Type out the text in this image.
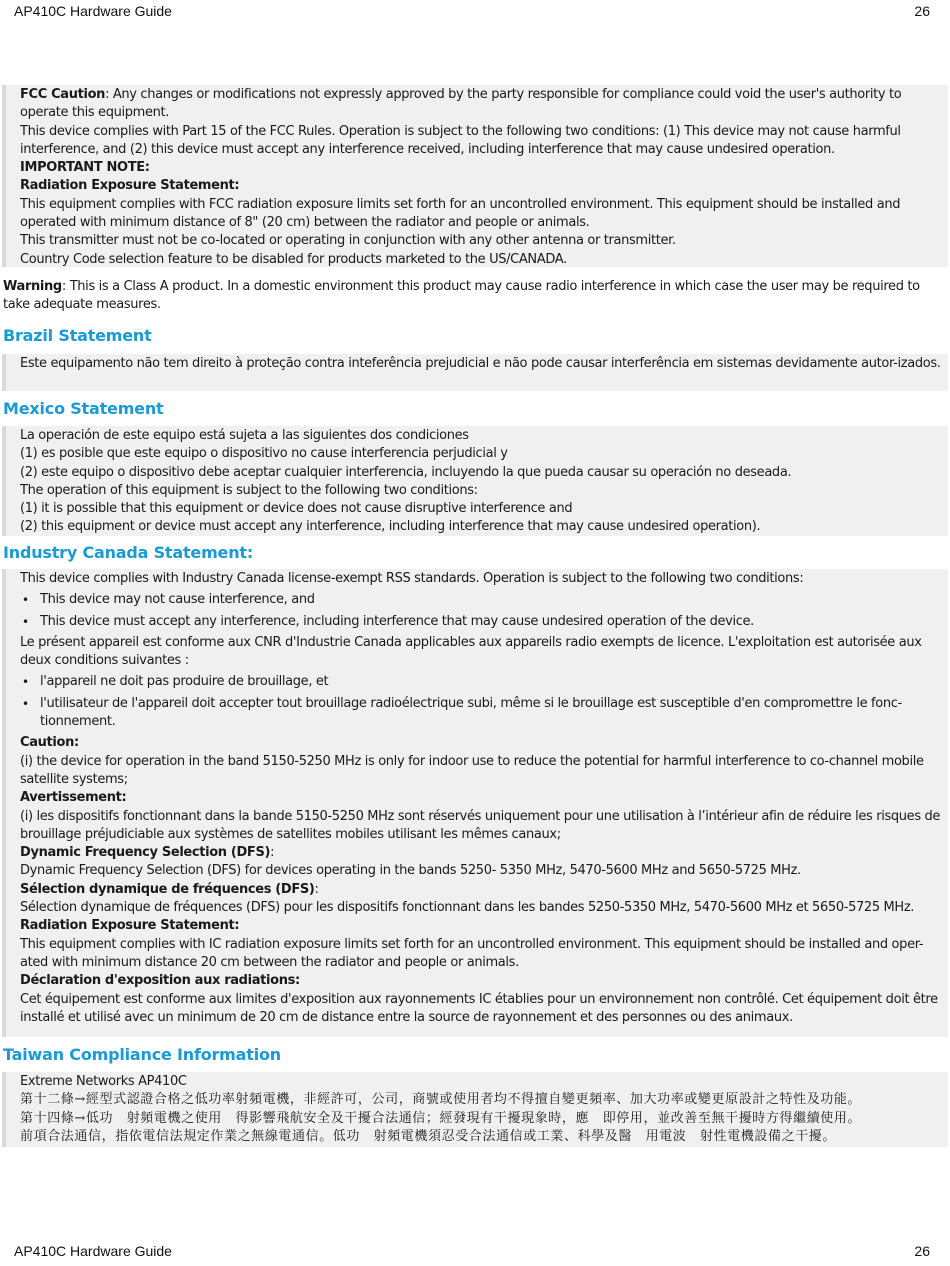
AP410C Hardware Guide	26

FCC Caution: Any changes or modifications not expressly approved by the party responsible for compliance could void the user's authority to operate this equipment.

This device complies with Part 15 of the FCC Rules. Operation is subject to the following two conditions: (1) This device may not cause harmful interference, and (2) this device must accept any interference received, including interference that may cause undesired operation.

IMPORTANT NOTE:

Radiation Exposure Statement:

This equipment complies with FCC radiation exposure limits set forth for an uncontrolled environment. This equipment should be installed and operated with minimum distance of 8" (20 cm) between the radiator and people or animals.

This transmitter must not be co-located or operating in conjunction with any other antenna or transmitter.

Country Code selection feature to be disabled for products marketed to the US/CANADA.

Warning: This is a Class A product. In a domestic environment this product may cause radio interference in which case the user may be required to take adequate measures.

Brazil Statement

Este equipamento não tem direito à proteção contra inteferência prejudicial e não pode causar interferência em sistemas devidamente autor-izados.

Mexico Statement

La operación de este equipo está sujeta a las siguientes dos condiciones

(1) es posible que este equipo o dispositivo no cause interferencia perjudicial y

(2) este equipo o dispositivo debe aceptar cualquier interferencia, incluyendo la que pueda causar su operación no deseada.

The operation of this equipment is subject to the following two conditions:

(1) it is possible that this equipment or device does not cause disruptive interference and

(2) this equipment or device must accept any interference, including interference that may cause undesired operation).

Industry Canada Statement:

This device complies with Industry Canada license-exempt RSS standards. Operation is subject to the following two conditions:

• This device may not cause interference, and
• This device must accept any interference, including interference that may cause undesired operation of the device.

Le présent appareil est conforme aux CNR d'Industrie Canada applicables aux appareils radio exempts de licence. L'exploitation est autorisée aux deux conditions suivantes :

• l'appareil ne doit pas produire de brouillage, et
• l'utilisateur de l'appareil doit accepter tout brouillage radioélectrique subi, même si le brouillage est susceptible d'en compromettre le fonc-tionnement.

Caution:

(i) the device for operation in the band 5150-5250 MHz is only for indoor use to reduce the potential for harmful interference to co-channel mobile satellite systems;

Avertissement:

(i) les dispositifs fonctionnant dans la bande 5150-5250 MHz sont réservés uniquement pour une utilisation à l’intérieur afin de réduire les risques de brouillage préjudiciable aux systèmes de satellites mobiles utilisant les mêmes canaux;

Dynamic Frequency Selection (DFS):

Dynamic Frequency Selection (DFS) for devices operating in the bands 5250- 5350 MHz, 5470-5600 MHz and 5650-5725 MHz.

Sélection dynamique de fréquences (DFS):

Sélection dynamique de fréquences (DFS) pour les dispositifs fonctionnant dans les bandes 5250-5350 MHz, 5470-5600 MHz et 5650-5725 MHz.

Radiation Exposure Statement:

This equipment complies with IC radiation exposure limits set forth for an uncontrolled environment. This equipment should be installed and oper-ated with minimum distance 20 cm between the radiator and people or animals.

Déclaration d'exposition aux radiations:

Cet équipement est conforme aux limites d'exposition aux rayonnements IC établies pour un environnement non contrôlé. Cet équipement doit être installé et utilisé avec un minimum de 20 cm de distance entre la source de rayonnement et des personnes ou des animaux.

Taiwan Compliance Information

Extreme Networks AP410C

第十二條→經型式認證合格之低功率射頻電機，非經許可，公司，商號或使用者均不得擅自變更頻率、加大功率或變更原設計之特性及功能。

第十四條→低功　射頻電機之使用　得影響飛航安全及干擾合法通信；經發現有干擾現象時，應　即停用，並改善至無干擾時方得繼續使用。

前項合法通信，指依電信法規定作業之無線電通信。低功　射頻電機須忍受合法通信或工業、科學及醫　用電波　射性電機設備之干擾。

AP410C Hardware Guide	26
